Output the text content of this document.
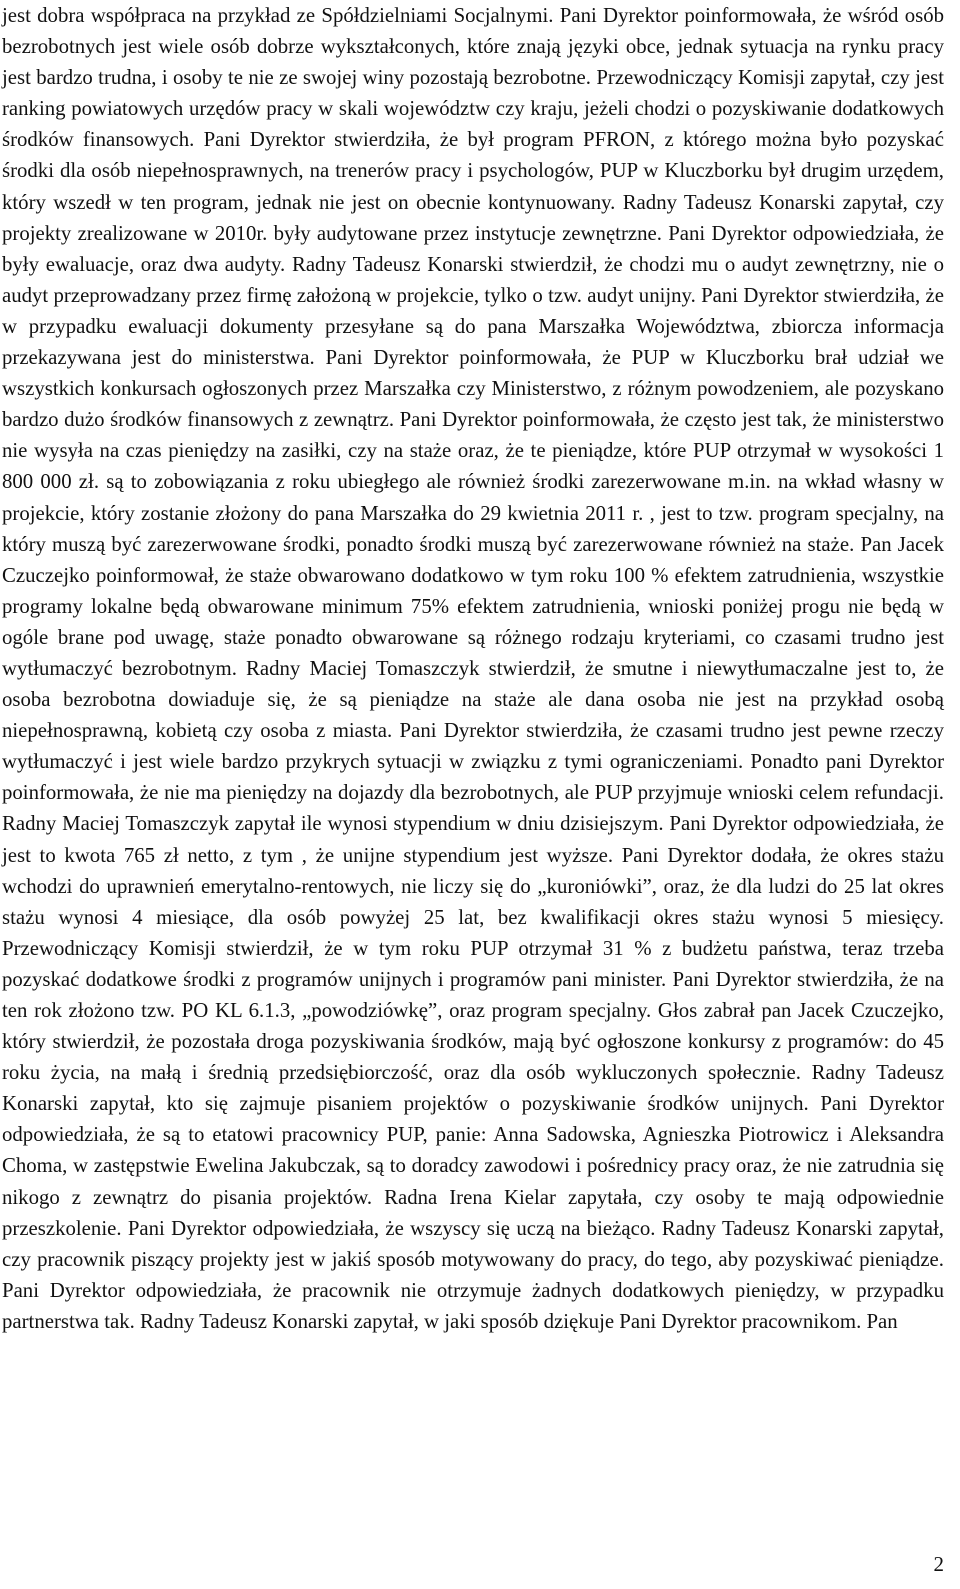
jest dobra współpraca na przykład ze Spółdzielniami Socjalnymi. Pani Dyrektor poinformowała, że wśród osób bezrobotnych jest wiele osób dobrze wykształconych, które znają języki obce, jednak sytuacja na rynku pracy jest bardzo trudna, i osoby te nie ze swojej winy pozostają bezrobotne. Przewodniczący Komisji zapytał, czy jest ranking powiatowych urzędów pracy w skali województw czy kraju, jeżeli chodzi o pozyskiwanie dodatkowych środków finansowych. Pani Dyrektor stwierdziła, że był program PFRON, z którego można było pozyskać środki dla osób niepełnosprawnych, na trenerów pracy i psychologów, PUP w Kluczborku był drugim urzędem, który wszedł w ten program, jednak nie jest on obecnie kontynuowany. Radny Tadeusz Konarski zapytał, czy projekty zrealizowane w 2010r. były audytowane przez instytucje zewnętrzne. Pani Dyrektor odpowiedziała, że były ewaluacje, oraz dwa audyty. Radny Tadeusz Konarski stwierdził, że chodzi mu o audyt zewnętrzny, nie o audyt przeprowadzany przez firmę założoną w projekcie, tylko o tzw. audyt unijny. Pani Dyrektor stwierdziła, że w przypadku ewaluacji dokumenty przesyłane są do pana Marszałka Województwa, zbiorcza informacja przekazywana jest do ministerstwa. Pani Dyrektor poinformowała, że PUP w Kluczborku brał udział we wszystkich konkursach ogłoszonych przez Marszałka czy Ministerstwo, z różnym powodzeniem, ale pozyskano bardzo dużo środków finansowych z zewnątrz. Pani Dyrektor poinformowała, że często jest tak, że ministerstwo nie wysyła na czas pieniędzy na zasiłki, czy na staże oraz, że te pieniądze, które PUP otrzymał w wysokości 1 800 000 zł. są to zobowiązania z roku ubiegłego ale również środki zarezerwowane m.in. na wkład własny w projekcie, który zostanie złożony do pana Marszałka do 29 kwietnia 2011 r. , jest to tzw. program specjalny, na który muszą być zarezerwowane środki, ponadto środki muszą być zarezerwowane również na staże. Pan Jacek Czuczejko poinformował, że staże obwarowano dodatkowo w tym roku 100 % efektem zatrudnienia, wszystkie programy lokalne będą obwarowane minimum 75% efektem zatrudnienia, wnioski poniżej progu nie będą w ogóle brane pod uwagę, staże ponadto obwarowane są różnego rodzaju kryteriami, co czasami trudno jest wytłumaczyć bezrobotnym. Radny Maciej Tomaszczyk stwierdził, że smutne i niewytłumaczalne jest to, że osoba bezrobotna dowiaduje się, że są pieniądze na staże ale dana osoba nie jest na przykład osobą niepełnosprawną, kobietą czy osoba z miasta. Pani Dyrektor stwierdziła, że czasami trudno jest pewne rzeczy wytłumaczyć i jest wiele bardzo przykrych sytuacji w związku z tymi ograniczeniami. Ponadto pani Dyrektor poinformowała, że nie ma pieniędzy na dojazdy dla bezrobotnych, ale PUP przyjmuje wnioski celem refundacji. Radny Maciej Tomaszczyk zapytał ile wynosi stypendium w dniu dzisiejszym. Pani Dyrektor odpowiedziała, że jest to kwota 765 zł netto, z tym , że unijne stypendium jest wyższe. Pani Dyrektor dodała, że okres stażu wchodzi do uprawnień emerytalno-rentowych, nie liczy się do „kuroniówki”, oraz, że dla ludzi do 25 lat okres stażu wynosi 4 miesiące, dla osób powyżej 25 lat, bez kwalifikacji okres stażu wynosi 5 miesięcy. Przewodniczący Komisji stwierdził, że w tym roku PUP otrzymał 31 % z budżetu państwa, teraz trzeba pozyskać dodatkowe środki z programów unijnych i programów pani minister. Pani Dyrektor stwierdziła, że na ten rok złożono tzw. PO KL 6.1.3, „powodziówkę”, oraz program specjalny. Głos zabrał pan Jacek Czuczejko, który stwierdził, że pozostała droga pozyskiwania środków, mają być ogłoszone konkursy z programów: do 45 roku życia, na małą i średnią przedsiębiorczość, oraz dla osób wykluczonych społecznie. Radny Tadeusz Konarski zapytał, kto się zajmuje pisaniem projektów o pozyskiwanie środków unijnych. Pani Dyrektor odpowiedziała, że są to etatowi pracownicy PUP, panie: Anna Sadowska, Agnieszka Piotrowicz i Aleksandra Choma, w zastępstwie Ewelina Jakubczak, są to doradcy zawodowi i pośrednicy pracy oraz, że nie zatrudnia się nikogo z zewnątrz do pisania projektów. Radna Irena Kielar zapytała, czy osoby te mają odpowiednie przeszkolenie. Pani Dyrektor odpowiedziała, że wszyscy się uczą na bieżąco. Radny Tadeusz Konarski zapytał, czy pracownik piszący projekty jest w jakiś sposób motywowany do pracy, do tego, aby pozyskiwać pieniądze. Pani Dyrektor odpowiedziała, że pracownik nie otrzymuje żadnych dodatkowych pieniędzy, w przypadku partnerstwa tak. Radny Tadeusz Konarski zapytał, w jaki sposób dziękuje Pani Dyrektor pracownikom. Pan

2
